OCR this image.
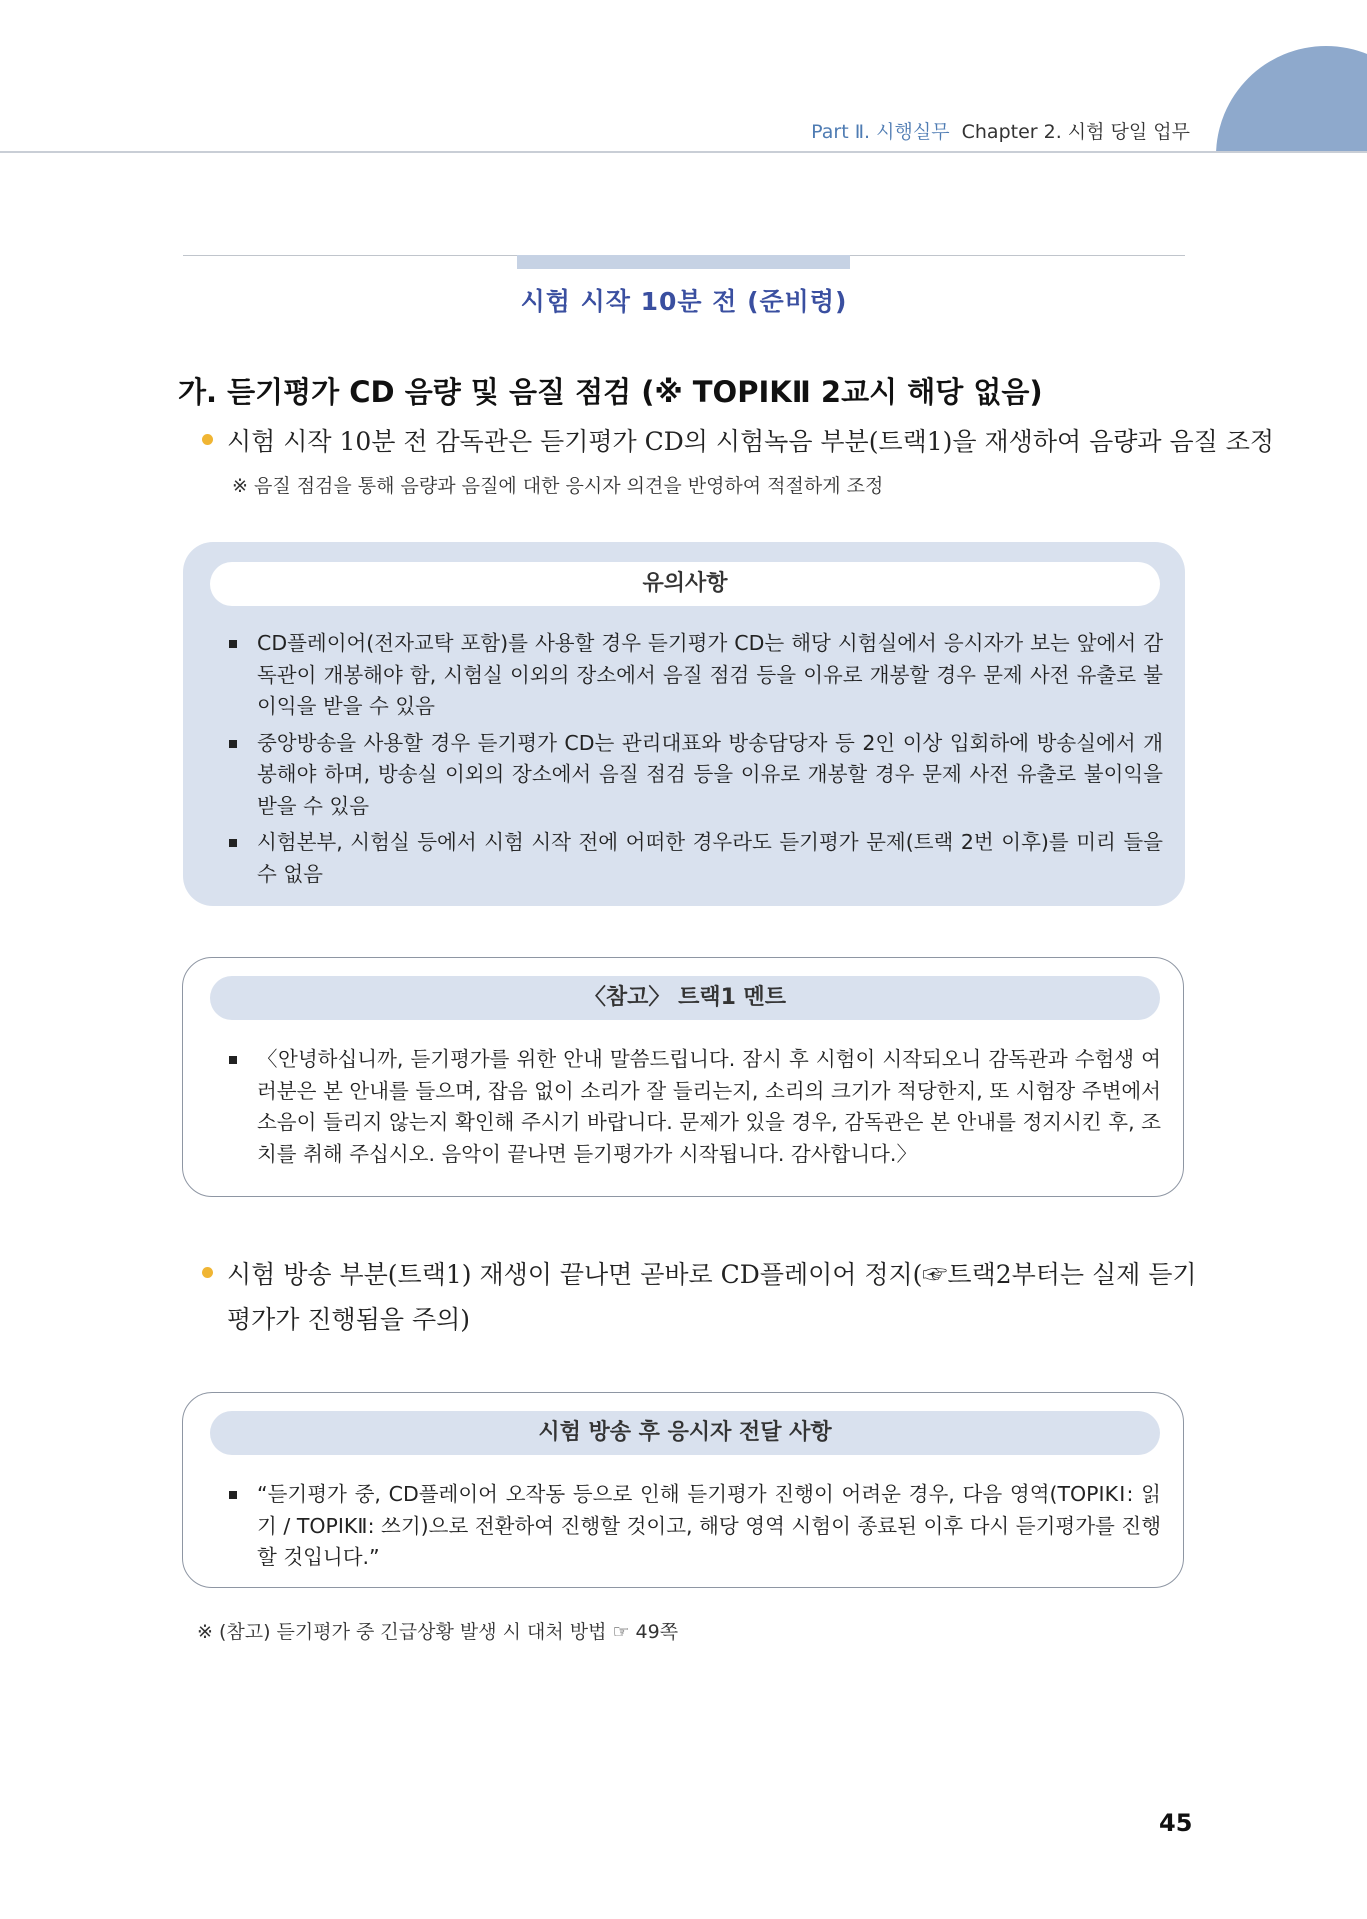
Part Ⅱ. 시행실무 Chapter 2. 시험 당일 업무
시험 시작 10분 전 (준비령)
가. 듣기평가 CD 음량 및 음질 점검 (※ TOPIKⅡ 2교시 해당 없음)
시험 시작 10분 전 감독관은 듣기평가 CD의 시험녹음 부분(트랙1)을 재생하여 음량과 음질 조정
※ 음질 점검을 통해 음량과 음질에 대한 응시자 의견을 반영하여 적절하게 조정
유의사항
CD플레이어(전자교탁 포함)를 사용할 경우 듣기평가 CD는 해당 시험실에서 응시자가 보는 앞에서 감독관이 개봉해야 함, 시험실 이외의 장소에서 음질 점검 등을 이유로 개봉할 경우 문제 사전 유출로 불이익을 받을 수 있음
중앙방송을 사용할 경우 듣기평가 CD는 관리대표와 방송담당자 등 2인 이상 입회하에 방송실에서 개봉해야 하며, 방송실 이외의 장소에서 음질 점검 등을 이유로 개봉할 경우 문제 사전 유출로 불이익을 받을 수 있음
시험본부, 시험실 등에서 시험 시작 전에 어떠한 경우라도 듣기평가 문제(트랙 2번 이후)를 미리 들을 수 없음
〈참고〉 트랙1 멘트
〈안녕하십니까, 듣기평가를 위한 안내 말씀드립니다. 잠시 후 시험이 시작되오니 감독관과 수험생 여러분은 본 안내를 들으며, 잡음 없이 소리가 잘 들리는지, 소리의 크기가 적당한지, 또 시험장 주변에서 소음이 들리지 않는지 확인해 주시기 바랍니다. 문제가 있을 경우, 감독관은 본 안내를 정지시킨 후, 조치를 취해 주십시오. 음악이 끝나면 듣기평가가 시작됩니다. 감사합니다.〉
시험 방송 부분(트랙1) 재생이 끝나면 곧바로 CD플레이어 정지(☞트랙2부터는 실제 듣기
평가가 진행됨을 주의)
시험 방송 후 응시자 전달 사항
“듣기평가 중, CD플레이어 오작동 등으로 인해 듣기평가 진행이 어려운 경우, 다음 영역(TOPIKⅠ: 읽기 / TOPIKⅡ: 쓰기)으로 전환하여 진행할 것이고, 해당 영역 시험이 종료된 이후 다시 듣기평가를 진행할 것입니다.”
※ (참고) 듣기평가 중 긴급상황 발생 시 대처 방법 ☞ 49쪽
45
